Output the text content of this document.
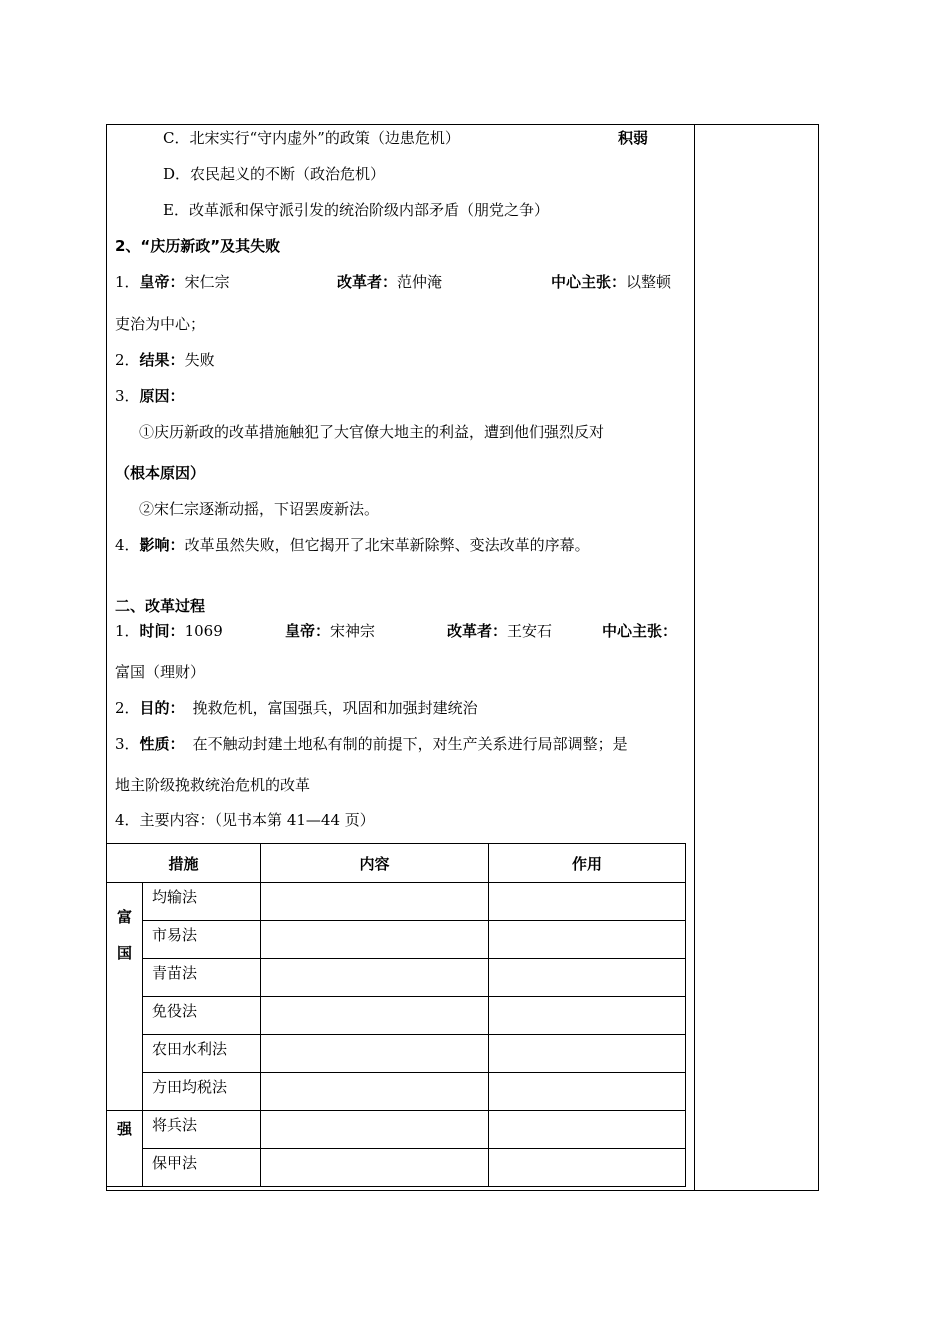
C．北宋实行“守内虚外”的政策（边患危机）	积弱
D．农民起义的不断（政治危机）
E．改革派和保守派引发的统治阶级内部矛盾（朋党之争）
2、“庆历新政”及其失败
1．皇帝：宋仁宗	改革者：范仲淹	中心主张：以整顿
吏治为中心；
2．结果：失败
3．原因：
①庆历新政的改革措施触犯了大官僚大地主的利益，遭到他们强烈反对
（根本原因）
②宋仁宗逐渐动摇，下诏罢废新法。
4．影响：改革虽然失败，但它揭开了北宋革新除弊、变法改革的序幕。
二、改革过程
1．时间：1069	皇帝：宋神宗	改革者：王安石	中心主张：
富国（理财）
2．目的： 挽救危机，富国强兵，巩固和加强封建统治
3．性质： 在不触动封建土地私有制的前提下，对生产关系进行局部调整；是
地主阶级挽救统治危机的改革
4．主要内容：（见书本第 41—44 页）
措施		内容	作用

富
国	均输法		
	市易法		
	青苗法		
	免役法		
	农田水利法		
	方田均税法		

强	将兵法		
	保甲法		
